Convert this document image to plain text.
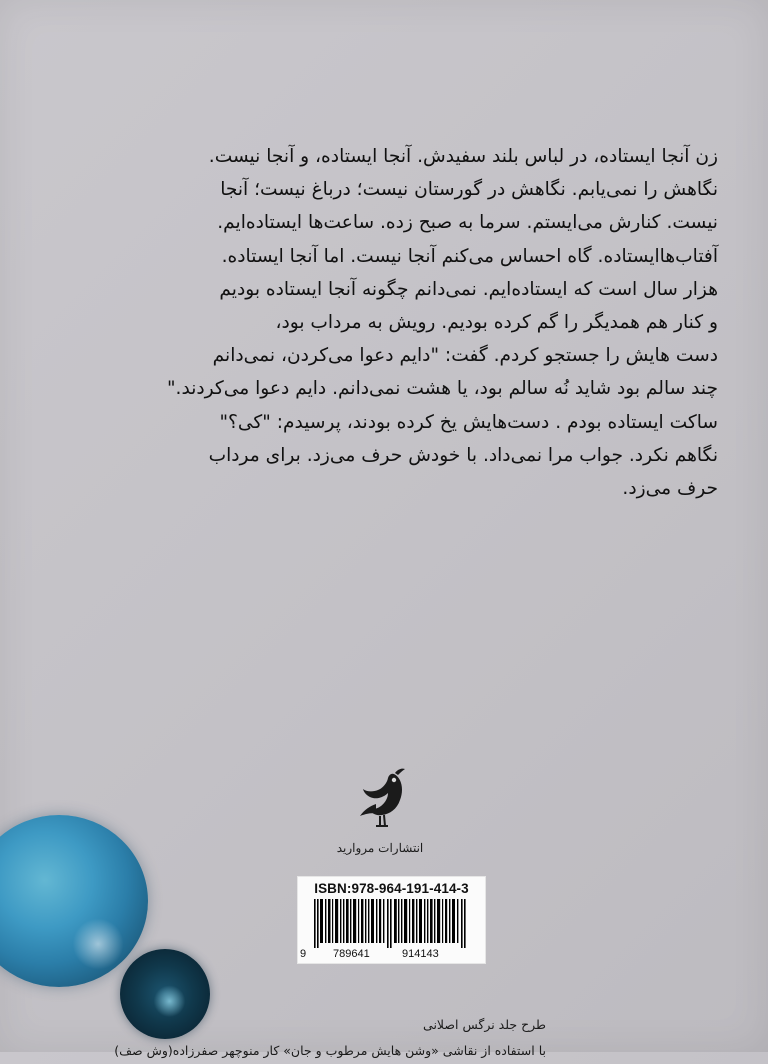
زن آنجا ایستاده، در لباس بلند سفیدش. آنجا ایستاده، و آنجا نیست.

نگاهش را نمی‌یابم. نگاهش در گورستان نیست؛ درباغ نیست؛ آنجا

نیست. کنارش می‌ایستم. سرما به صبح زده. ساعت‌ها ایستاده‌ایم.

آفتاب‌هاایستاده. گاه احساس می‌کنم آنجا نیست. اما آنجا ایستاده.

هزار سال است که ایستاده‌ایم. نمی‌دانم چگونه آنجا ایستاده بودیم

و کنار هم همدیگر را گم کرده بودیم. رویش به مرداب بود،

دست هایش را جستجو کردم. گفت: "دایم دعوا می‌کردن، نمی‌دانم

چند سالم بود شاید نُه سالم بود، یا هشت نمی‌دانم. دایم دعوا می‌کردند."

ساکت ایستاده بودم . دست‌هایش یخ کرده بودند، پرسیدم: "کی؟"

نگاهم نکرد. جواب مرا نمی‌داد. با خودش حرف می‌زد. برای مرداب

حرف می‌زد.

انتشارات مروارید
ISBN:978-964-191-414-3
9 789641	914143
طرح جلد نرگس اصلانی
با استفاده از نقاشی «وشن هایش مرطوب و جان» کار منوچهر صفرزاده(وش صف)
